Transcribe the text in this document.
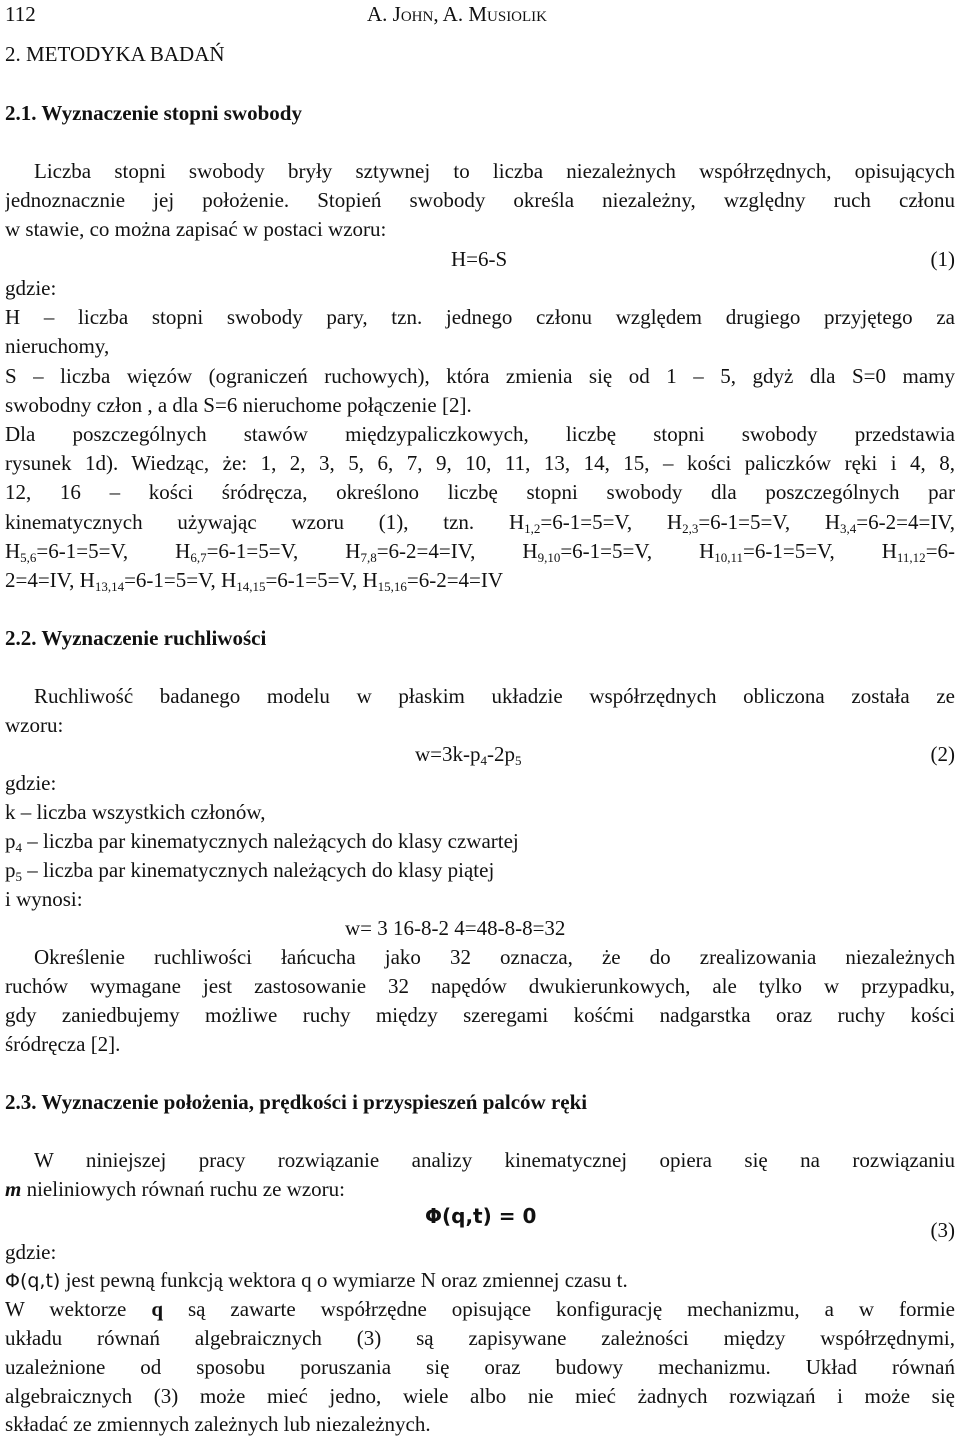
112	A. John, A. Musiolik
2. METODYKA BADAŃ
2.1. Wyznaczenie stopni swobody
Liczba stopni swobody bryły sztywnej to liczba niezależnych współrzędnych, opisujących
jednoznacznie jej położenie. Stopień swobody określa niezależny, względny ruch członu
w stawie, co można zapisać w postaci wzoru:
H=6-S	(1)
gdzie:
H – liczba stopni swobody pary, tzn. jednego członu względem drugiego przyjętego za
nieruchomy,
S – liczba więzów (ograniczeń ruchowych), która zmienia się od 1 – 5, gdyż dla S=0 mamy
swobodny człon , a dla S=6 nieruchome połączenie [2].
Dla poszczególnych stawów międzypaliczkowych, liczbę stopni swobody przedstawia
rysunek 1d). Wiedząc, że: 1, 2, 3, 5, 6, 7, 9, 10, 11, 13, 14, 15, – kości paliczków ręki i 4, 8,
12, 16 – kości śródręcza, określono liczbę stopni swobody dla poszczególnych par
kinematycznych używając wzoru (1), tzn. $H_{1,2}=6-1=5=V$, $H_{2,3}=6-1=5=V$, $H_{3,4}=6-2=4=IV$,
$H_{5,6}=6-1=5=V$, $H_{6,7}=6-1=5=V$, $H_{7,8}=6-2=4=IV$, $H_{9,10}=6-1=5=V$, $H_{10,11}=6-1=5=V$, $H_{11,12}=6-$
2=4=IV, $H_{13,14}=6-1=5=V$, $H_{14,15}=6-1=5=V$, $H_{15,16}=6-2=4=IV$
2.2. Wyznaczenie ruchliwości
Ruchliwość badanego modelu w płaskim układzie współrzędnych obliczona została ze
wzoru:
$w=3k-p_4-2p_5$	(2)
gdzie:
k – liczba wszystkich członów,
$p_4$ – liczba par kinematycznych należących do klasy czwartej
$p_5$ – liczba par kinematycznych należących do klasy piątej
i wynosi:
w= 3 16-8-2 4=48-8-8=32
Określenie ruchliwości łańcucha jako 32 oznacza, że do zrealizowania niezależnych
ruchów wymagane jest zastosowanie 32 napędów dwukierunkowych, ale tylko w przypadku,
gdy zaniedbujemy możliwe ruchy między szeregami kośćmi nadgarstka oraz ruchy kości
śródręcza [2].
2.3. Wyznaczenie położenia, prędkości i przyspieszeń palców ręki
W niniejszej pracy rozwiązanie analizy kinematycznej opiera się na rozwiązaniu
m nieliniowych równań ruchu ze wzoru:
Φ(q,t) = 0
(3)
gdzie:
Φ(q,t) jest pewną funkcją wektora q o wymiarze N oraz zmiennej czasu t.
W wektorze q są zawarte współrzędne opisujące konfigurację mechanizmu, a w formie
układu równań algebraicznych (3) są zapisywane zależności między współrzędnymi,
uzależnione od sposobu poruszania się oraz budowy mechanizmu. Układ równań
algebraicznych (3) może mieć jedno, wiele albo nie mieć żadnych rozwiązań i może się
składać ze zmiennych zależnych lub niezależnych.
